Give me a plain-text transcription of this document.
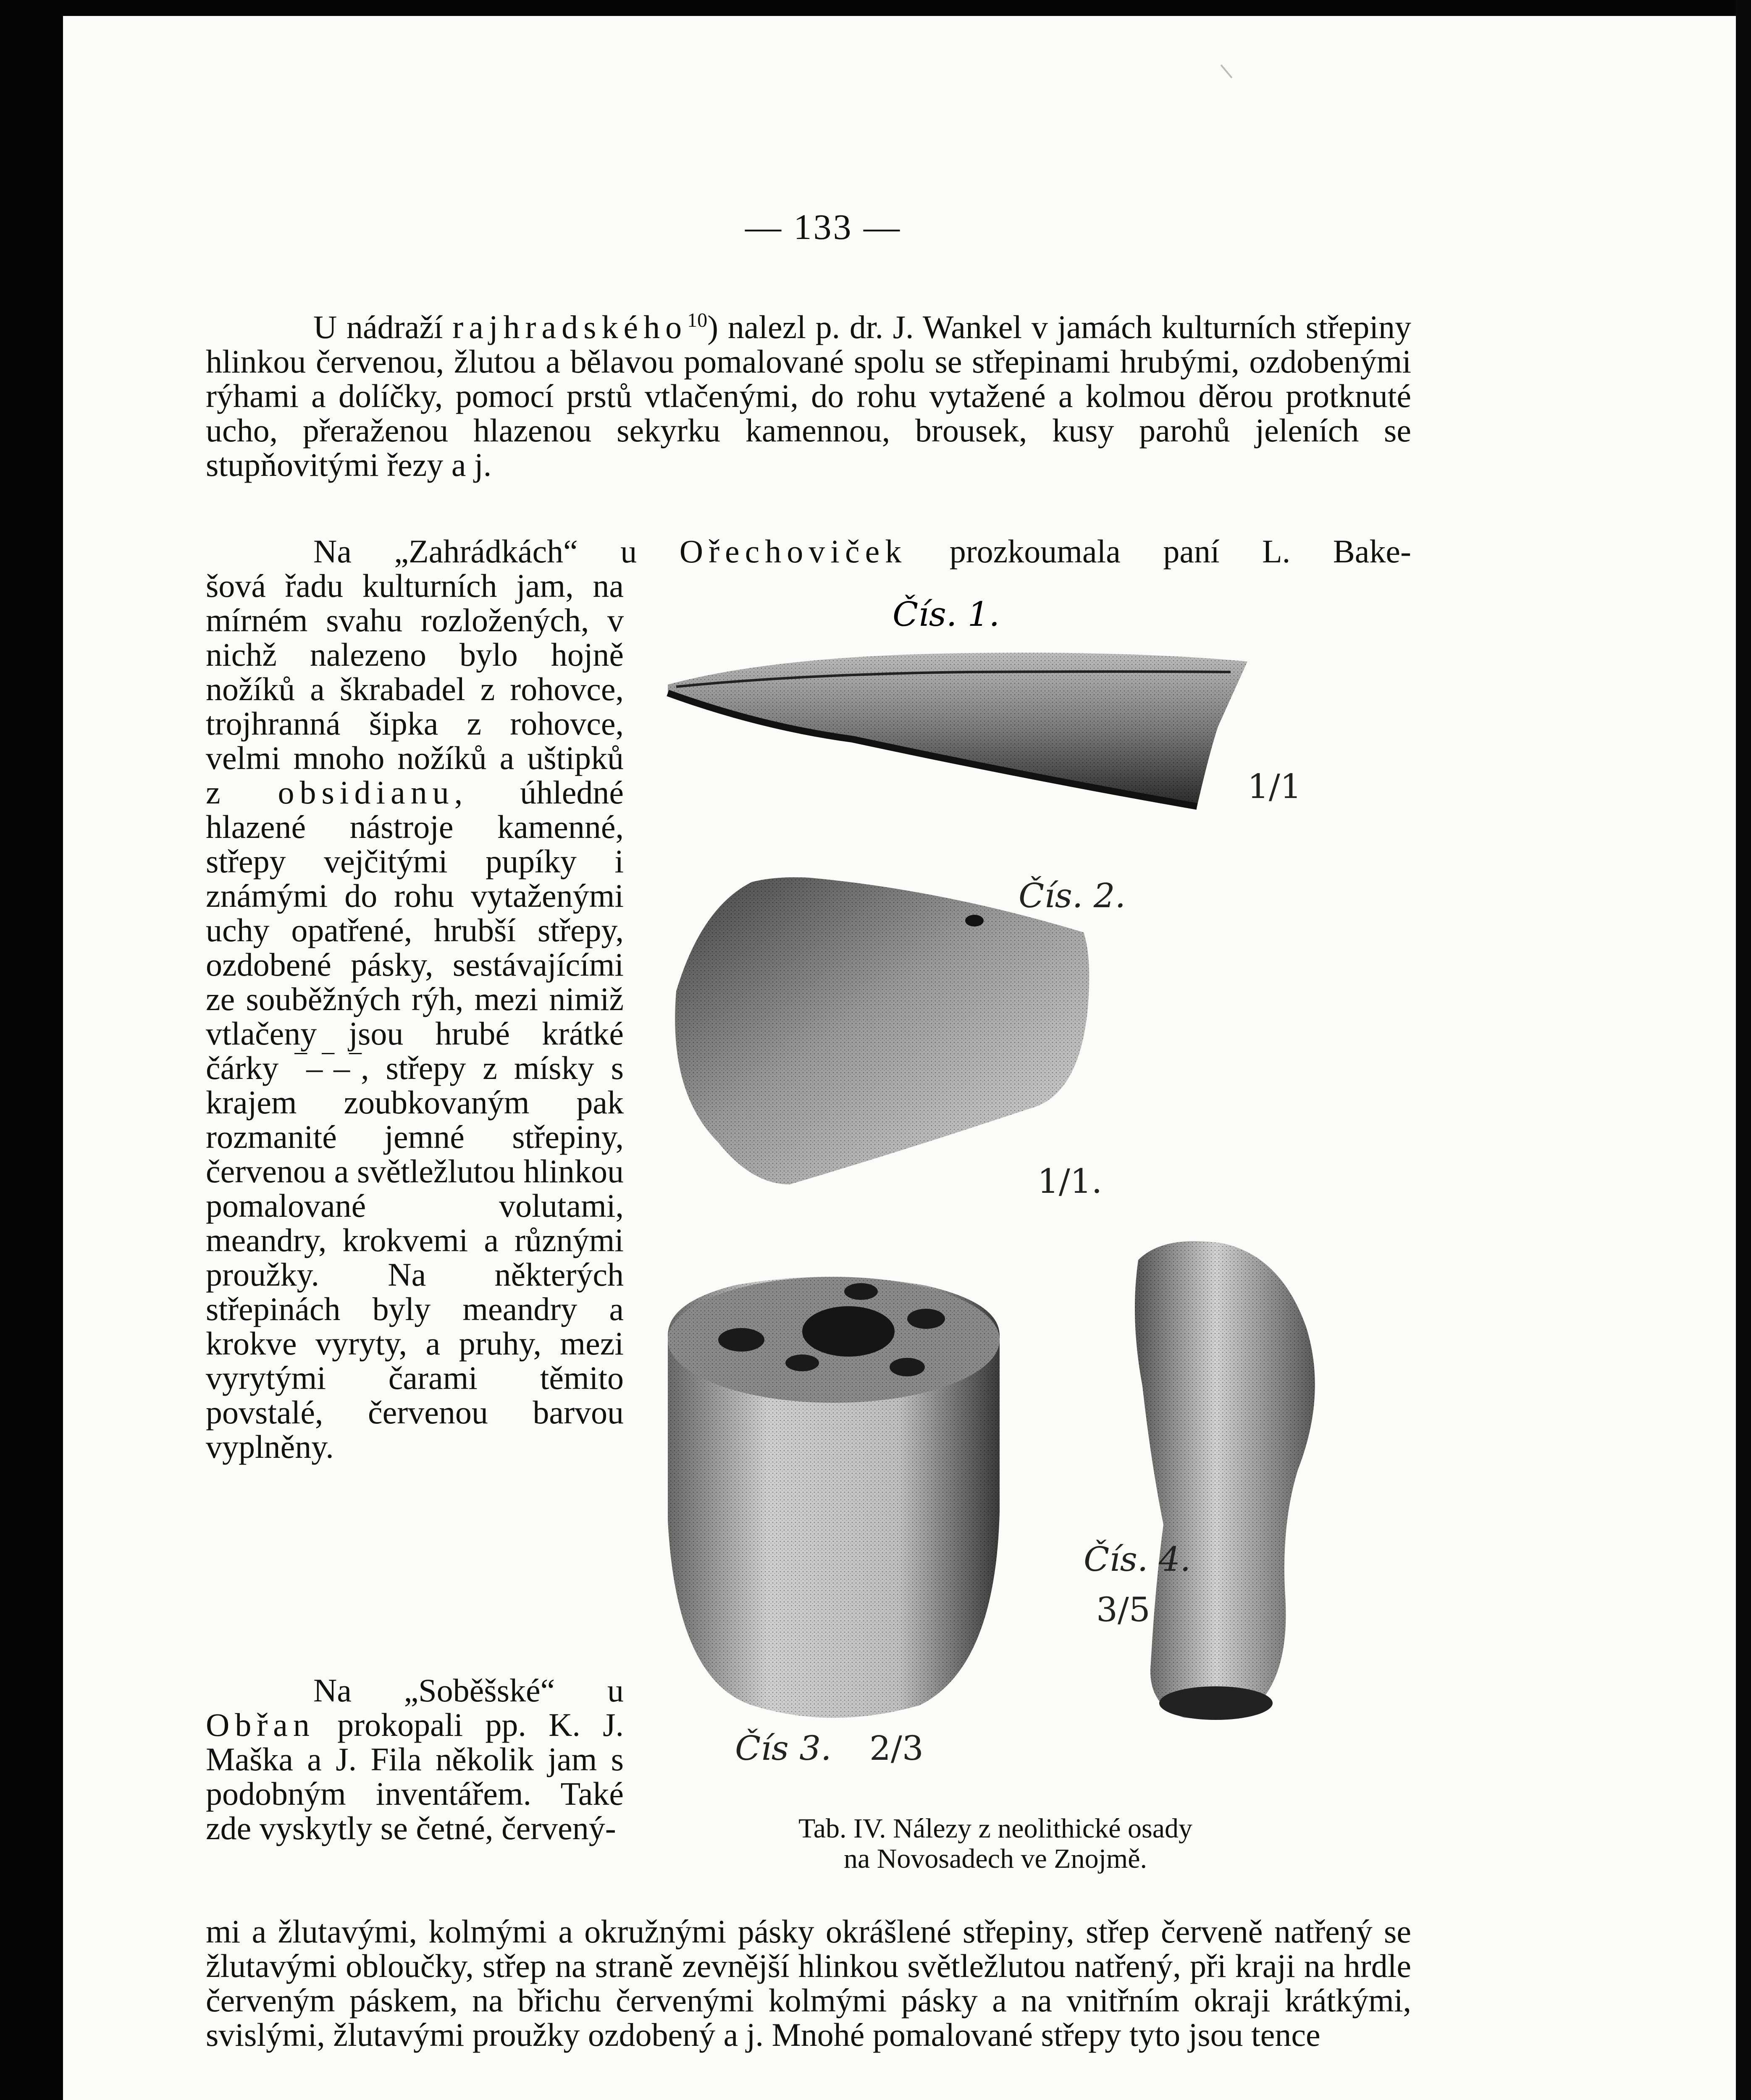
— 133 —

U nádraží rajhradského$^{10}$) nalezl p. dr. J. Wankel v jamách kulturních střepiny hlinkou červenou, žlutou a bělavou pomalované spolu se střepinami hrubými, ozdobenými rýhami a dolíčky, pomocí prstů vtlačenými, do rohu vytažené a kolmou děrou protknuté ucho, přeraženou hlazenou sekyrku kamennou, brousek, kusy parohů jeleních se stupňovitými řezy a j.

Na „Zahrádkách“ u Ořechoviček prozkoumala paní L. Bake-

šová řadu kulturních jam, na mírném svahu rozložených, v nichž nalezeno bylo hojně nožíků a škrabadel z rohovce, trojhranná šipka z rohovce, velmi mnoho nožíků a uštipků z obsidianu, úhledné hlazené nástroje kamenné, střepy vejčitými pupíky i známými do rohu vytaženými uchy opatřené, hrubší střepy, ozdobené pásky, sestávajícími ze souběžných rýh, mezi nimiž vtlačeny jsou hrubé krátké čárky ‾–‾–‾, střepy z mísky s krajem zoubkovaným pak rozmanité jemné střepiny, červenou a světležlutou hlinkou pomalované volutami, meandry, krokvemi a různými proužky. Na některých střepinách byly meandry a krokve vyryty, a pruhy, mezi vyrytými čarami těmito povstalé, červenou barvou vyplněny.

Na „Soběšské“ u Obřan prokopali pp. K. J. Maška a J. Fila několik jam s podobným inventářem. Také zde vyskytly se četné, červený-

mi a žlutavými, kolmými a okružnými pásky okrášlené střepiny, střep červeně natřený se žlutavými obloučky, střep na straně zevnější hlinkou světležlutou natřený, při kraji na hrdle červeným páskem, na břichu červenými kolmými pásky a na vnitřním okraji krátkými, svislými, žlutavými proužky ozdobený a j. Mnohé pomalované střepy tyto jsou tence

Čís. 1.
1/1
Čís. 2.
1/1.
Čís 3. 2/3
Čís. 4.
3/5
Tab. IV. Nálezy z neolithické osady
na Novosadech ve Znojmě.
